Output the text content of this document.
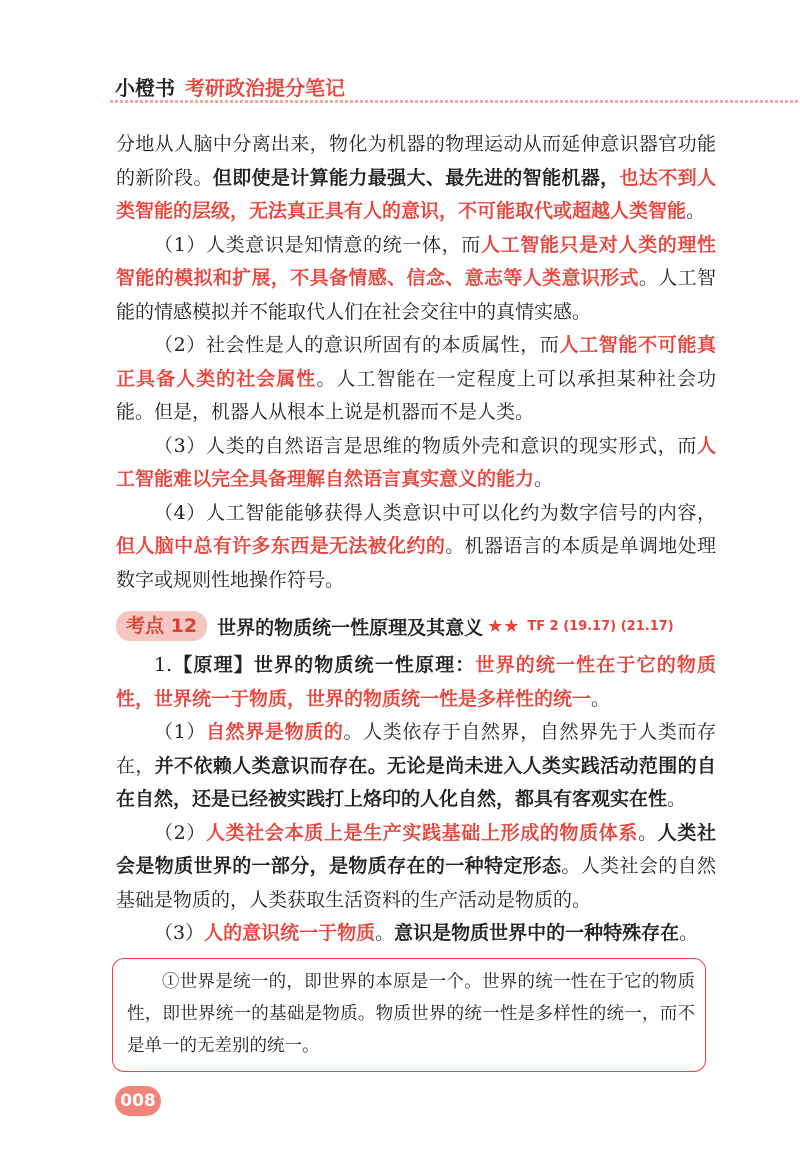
小橙书 考研政治提分笔记

分地从人脑中分离出来，物化为机器的物理运动从而延伸意识器官功能的新阶段。但即使是计算能力最强大、最先进的智能机器，也达不到人类智能的层级，无法真正具有人的意识，不可能取代或超越人类智能。

（1）人类意识是知情意的统一体，而人工智能只是对人类的理性智能的模拟和扩展，不具备情感、信念、意志等人类意识形式。人工智能的情感模拟并不能取代人们在社会交往中的真情实感。

（2）社会性是人的意识所固有的本质属性，而人工智能不可能真正具备人类的社会属性。人工智能在一定程度上可以承担某种社会功能。但是，机器人从根本上说是机器而不是人类。

（3）人类的自然语言是思维的物质外壳和意识的现实形式，而人工智能难以完全具备理解自然语言真实意义的能力。

（4）人工智能能够获得人类意识中可以化约为数字信号的内容，但人脑中总有许多东西是无法被化约的。机器语言的本质是单调地处理数字或规则性地操作符号。

考点 12	世界的物质统一性原理及其意义 ★★ TF 2 (19.17) (21.17)

1.【原理】世界的物质统一性原理：世界的统一性在于它的物质性，世界统一于物质，世界的物质统一性是多样性的统一。

（1）自然界是物质的。人类依存于自然界，自然界先于人类而存在，并不依赖人类意识而存在。无论是尚未进入人类实践活动范围的自在自然，还是已经被实践打上烙印的人化自然，都具有客观实在性。

（2）人类社会本质上是生产实践基础上形成的物质体系。人类社会是物质世界的一部分，是物质存在的一种特定形态。人类社会的自然基础是物质的，人类获取生活资料的生产活动是物质的。

（3）人的意识统一于物质。意识是物质世界中的一种特殊存在。

①世界是统一的，即世界的本原是一个。世界的统一性在于它的物质性，即世界统一的基础是物质。物质世界的统一性是多样性的统一，而不是单一的无差别的统一。

008
